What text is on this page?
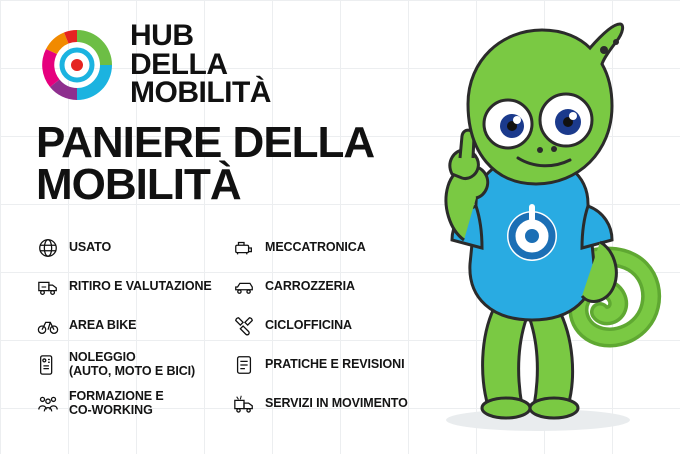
HUB
DELLA
MOBILITÀ
PANIERE DELLA
MOBILITÀ
USATO
RITIRO E VALUTAZIONE
AREA BIKE
NOLEGGIO
(AUTO, MOTO E BICI)
FORMAZIONE E
CO-WORKING
MECCATRONICA
CARROZZERIA
CICLOFFICINA
PRATICHE E REVISIONI
SERVIZI IN MOVIMENTO
